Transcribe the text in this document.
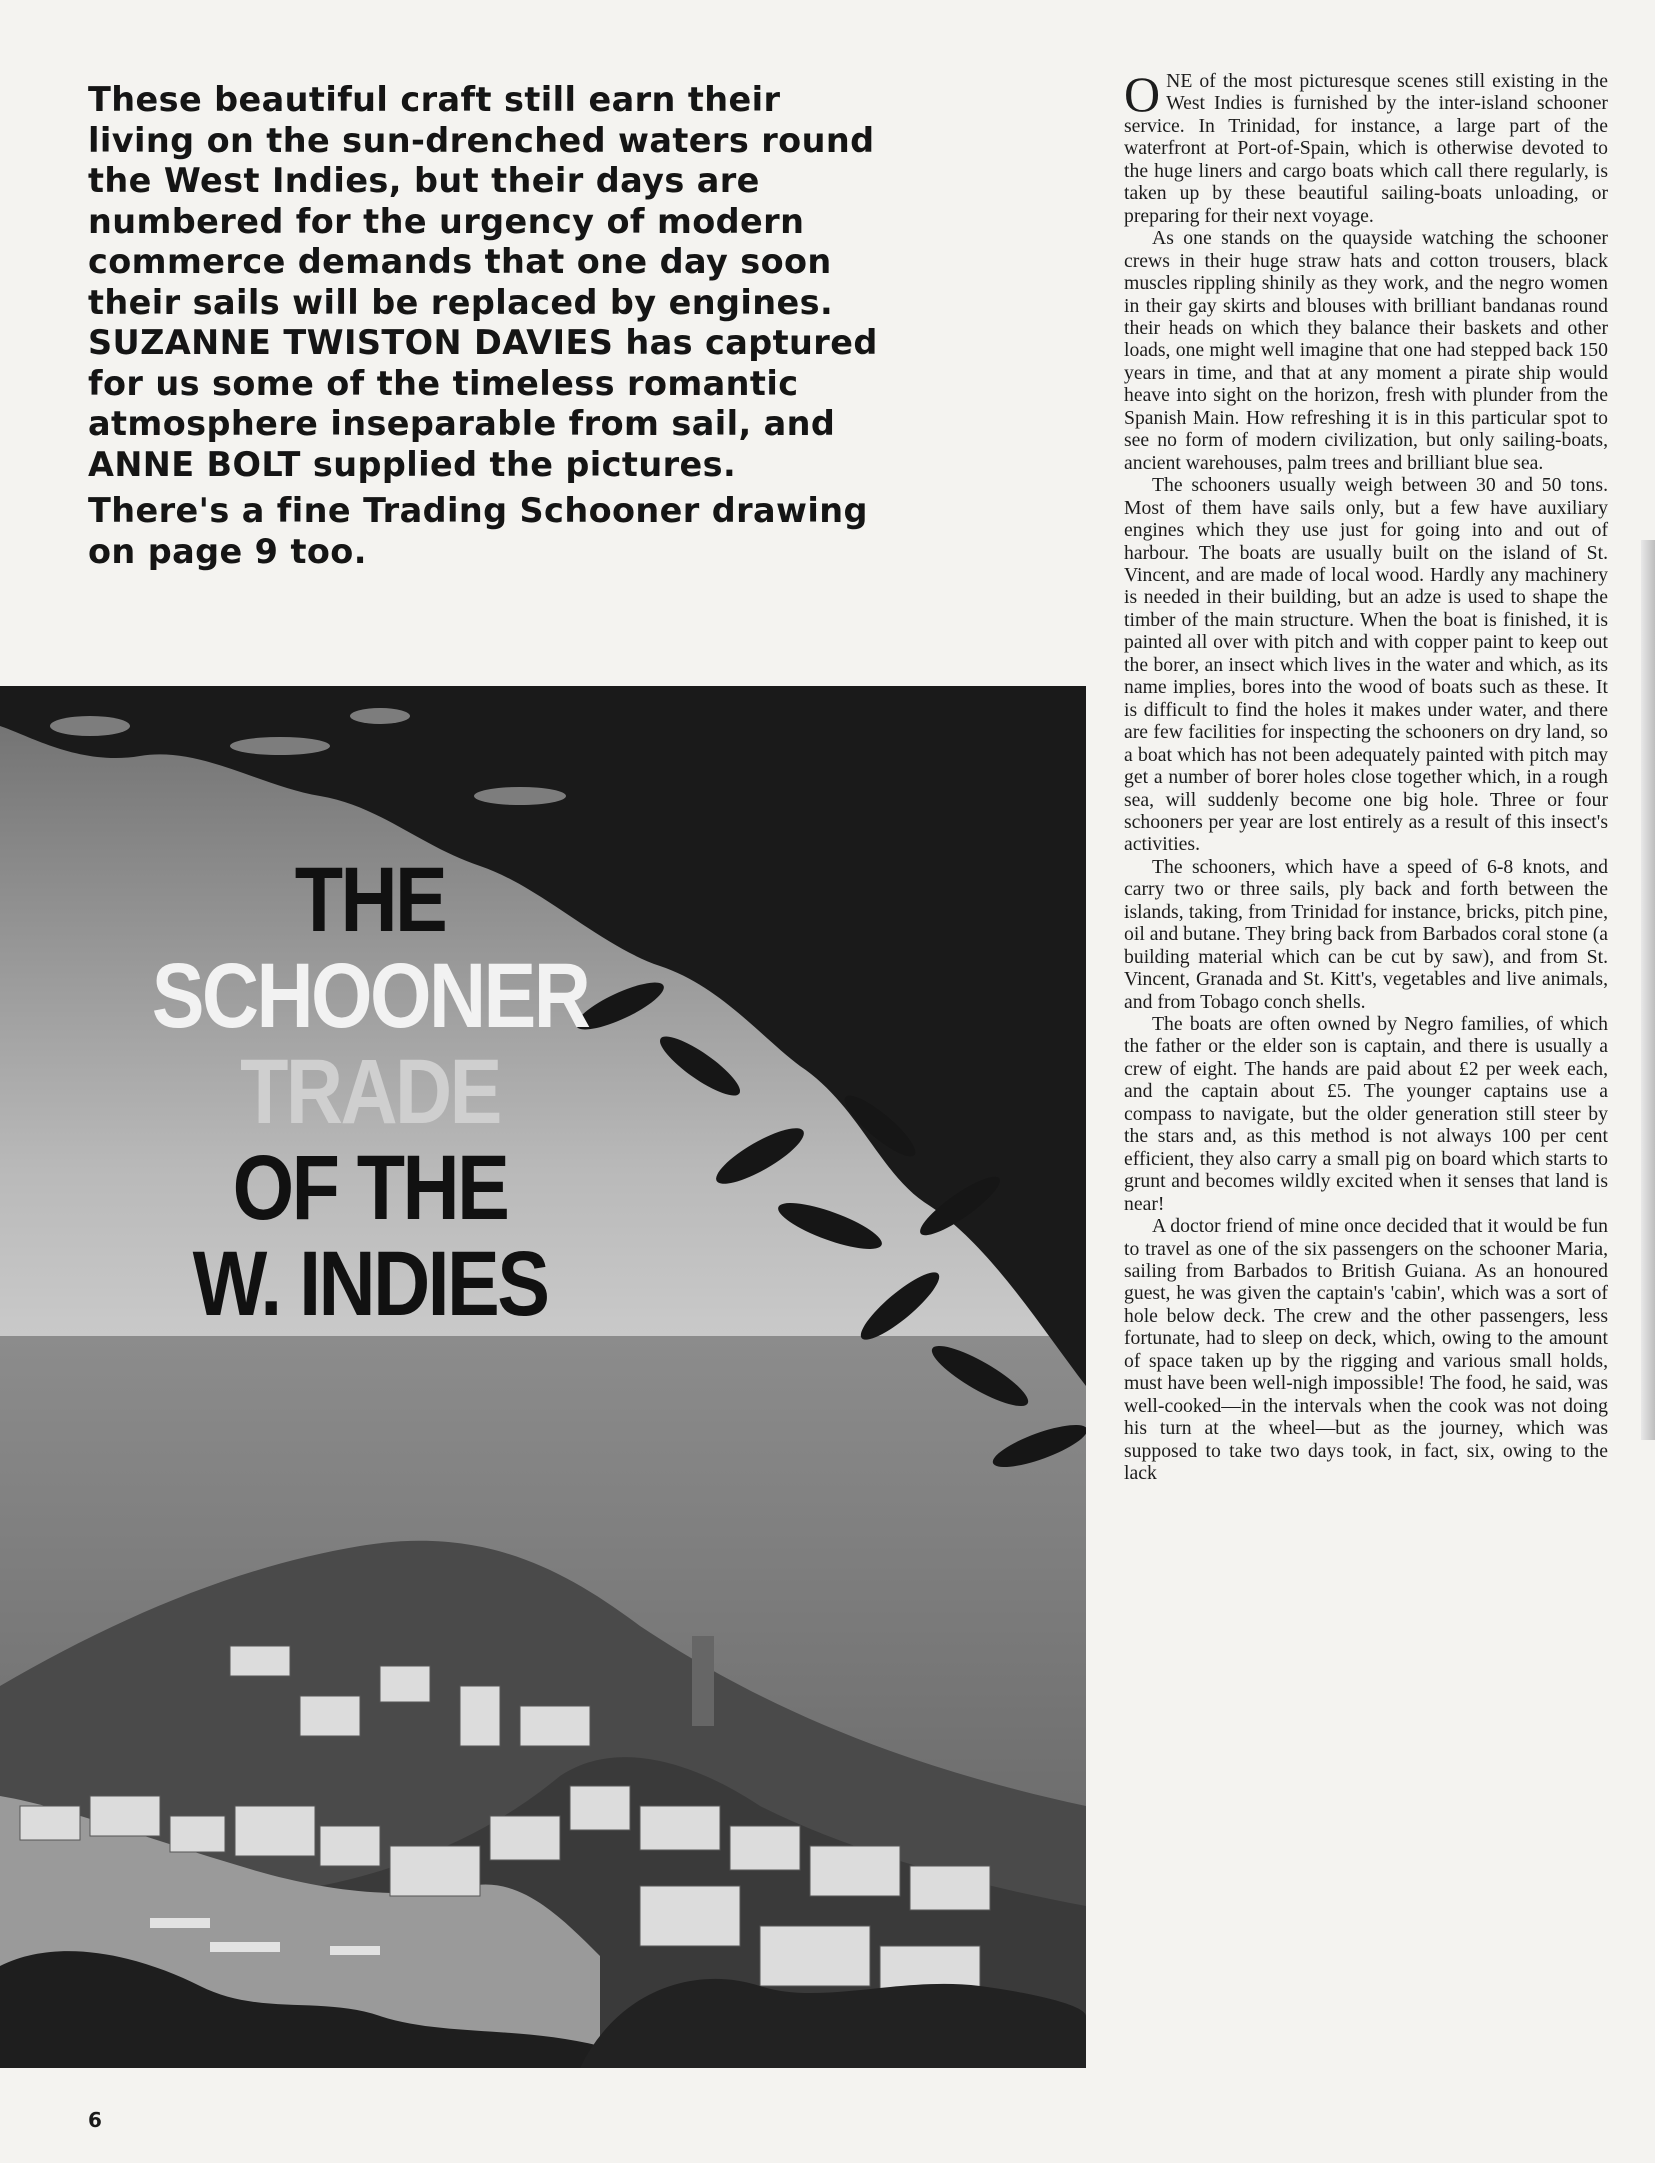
These beautiful craft still earn their living on the sun-drenched waters round the West Indies, but their days are numbered for the urgency of modern commerce demands that one day soon their sails will be replaced by engines. SUZANNE TWISTON DAVIES has captured for us some of the timeless romantic atmosphere inseparable from sail, and ANNE BOLT supplied the pictures.

There's a fine Trading Schooner drawing on page 9 too.

THE
SCHOONER
TRADE
OF THE
W. INDIES

ONE of the most picturesque scenes still existing in the West Indies is furnished by the inter-island schooner service. In Trinidad, for instance, a large part of the waterfront at Port-of-Spain, which is otherwise devoted to the huge liners and cargo boats which call there regularly, is taken up by these beautiful sailing-boats unloading, or preparing for their next voyage.

As one stands on the quayside watching the schooner crews in their huge straw hats and cotton trousers, black muscles rippling shinily as they work, and the negro women in their gay skirts and blouses with brilliant bandanas round their heads on which they balance their baskets and other loads, one might well imagine that one had stepped back 150 years in time, and that at any moment a pirate ship would heave into sight on the horizon, fresh with plunder from the Spanish Main. How refreshing it is in this particular spot to see no form of modern civilization, but only sailing-boats, ancient warehouses, palm trees and brilliant blue sea.

The schooners usually weigh between 30 and 50 tons. Most of them have sails only, but a few have auxiliary engines which they use just for going into and out of harbour. The boats are usually built on the island of St. Vincent, and are made of local wood. Hardly any machinery is needed in their building, but an adze is used to shape the timber of the main structure. When the boat is finished, it is painted all over with pitch and with copper paint to keep out the borer, an insect which lives in the water and which, as its name implies, bores into the wood of boats such as these. It is difficult to find the holes it makes under water, and there are few facilities for inspecting the schooners on dry land, so a boat which has not been adequately painted with pitch may get a number of borer holes close together which, in a rough sea, will suddenly become one big hole. Three or four schooners per year are lost entirely as a result of this insect's activities.

The schooners, which have a speed of 6-8 knots, and carry two or three sails, ply back and forth between the islands, taking, from Trinidad for instance, bricks, pitch pine, oil and butane. They bring back from Barbados coral stone (a building material which can be cut by saw), and from St. Vincent, Granada and St. Kitt's, vegetables and live animals, and from Tobago conch shells.

The boats are often owned by Negro families, of which the father or the elder son is captain, and there is usually a crew of eight. The hands are paid about £2 per week each, and the captain about £5. The younger captains use a compass to navigate, but the older generation still steer by the stars and, as this method is not always 100 per cent efficient, they also carry a small pig on board which starts to grunt and becomes wildly excited when it senses that land is near!

A doctor friend of mine once decided that it would be fun to travel as one of the six passengers on the schooner Maria, sailing from Barbados to British Guiana. As an honoured guest, he was given the captain's 'cabin', which was a sort of hole below deck. The crew and the other passengers, less fortunate, had to sleep on deck, which, owing to the amount of space taken up by the rigging and various small holds, must have been well-nigh impossible! The food, he said, was well-cooked—in the intervals when the cook was not doing his turn at the wheel—but as the journey, which was supposed to take two days took, in fact, six, owing to the lack

6
